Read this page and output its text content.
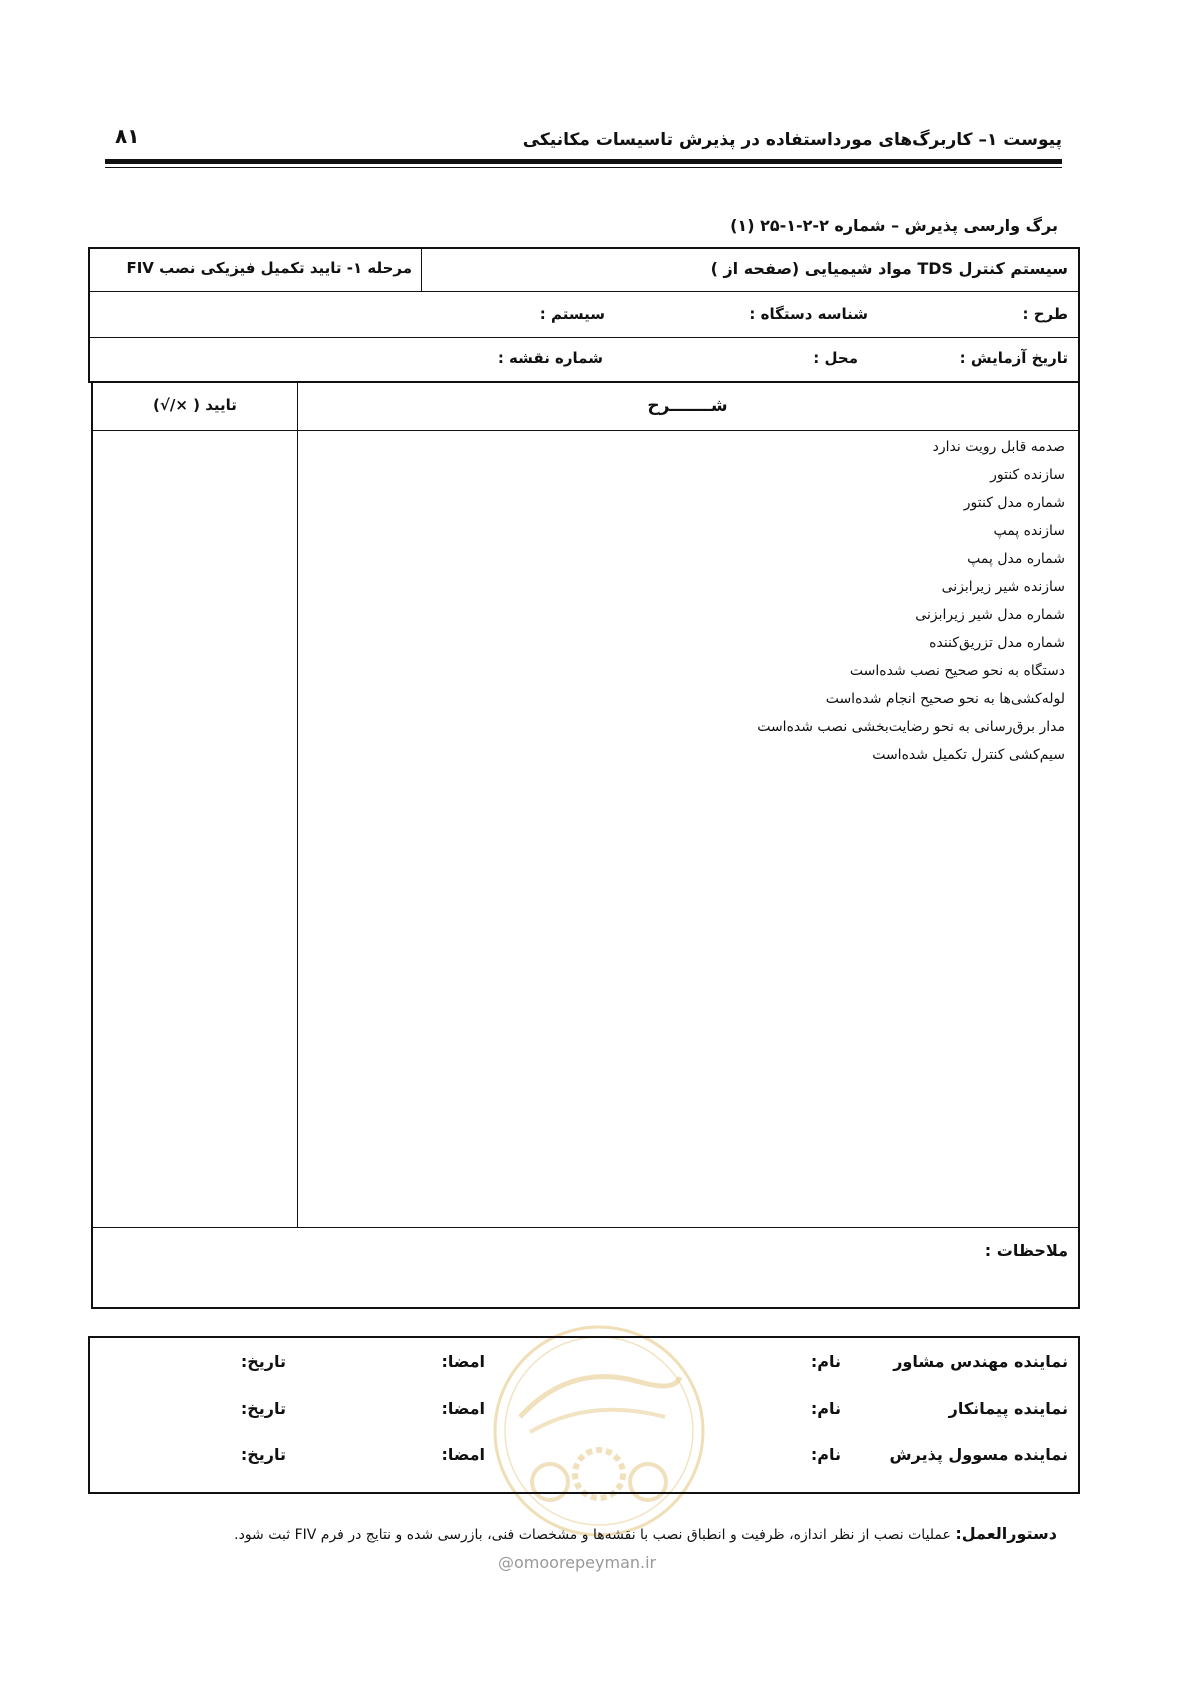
پیوست ۱– کاربرگ‌های مورداستفاده در پذیرش تاسیسات مکانیکی
۸۱
برگ وارسی پذیرش – شماره ۲-۲-۱-۲۵ (۱)
سیستم کنترل TDS مواد شیمیایی (صفحه از )
مرحله ۱- تایید تکمیل فیزیکی نصب FIV
طرح :
شناسه دستگاه :
سیستم :
تاریخ آزمایش :
محل :
شماره نقشه :
شـــــــرح
تایید ( ×/√)
صدمه قابل رویت ندارد
سازنده کنتور
شماره مدل کنتور
سازنده پمپ
شماره مدل پمپ
سازنده شیر زیرابزنی
شماره مدل شیر زیرابزنی
شماره مدل تزریق‌کننده
دستگاه به نحو صحیح نصب شده‌است
لوله‌کشی‌ها به نحو صحیح انجام شده‌است
مدار برق‌رسانی به نحو رضایت‌بخشی نصب شده‌است
سیم‌کشی کنترل تکمیل شده‌است
ملاحظات :
نماینده مهندس مشاور
نام:
امضا:
تاریخ:
نماینده پیمانکار
نام:
امضا:
تاریخ:
نماینده مسوول پذیرش
نام:
امضا:
تاریخ:
دستورالعمل: عملیات نصب از نظر اندازه، ظرفیت و انطباق نصب با نقشه‌ها و مشخصات فنی، بازرسی شده و نتایج در فرم FIV ثبت شود.
@omoorepeyman.ir
